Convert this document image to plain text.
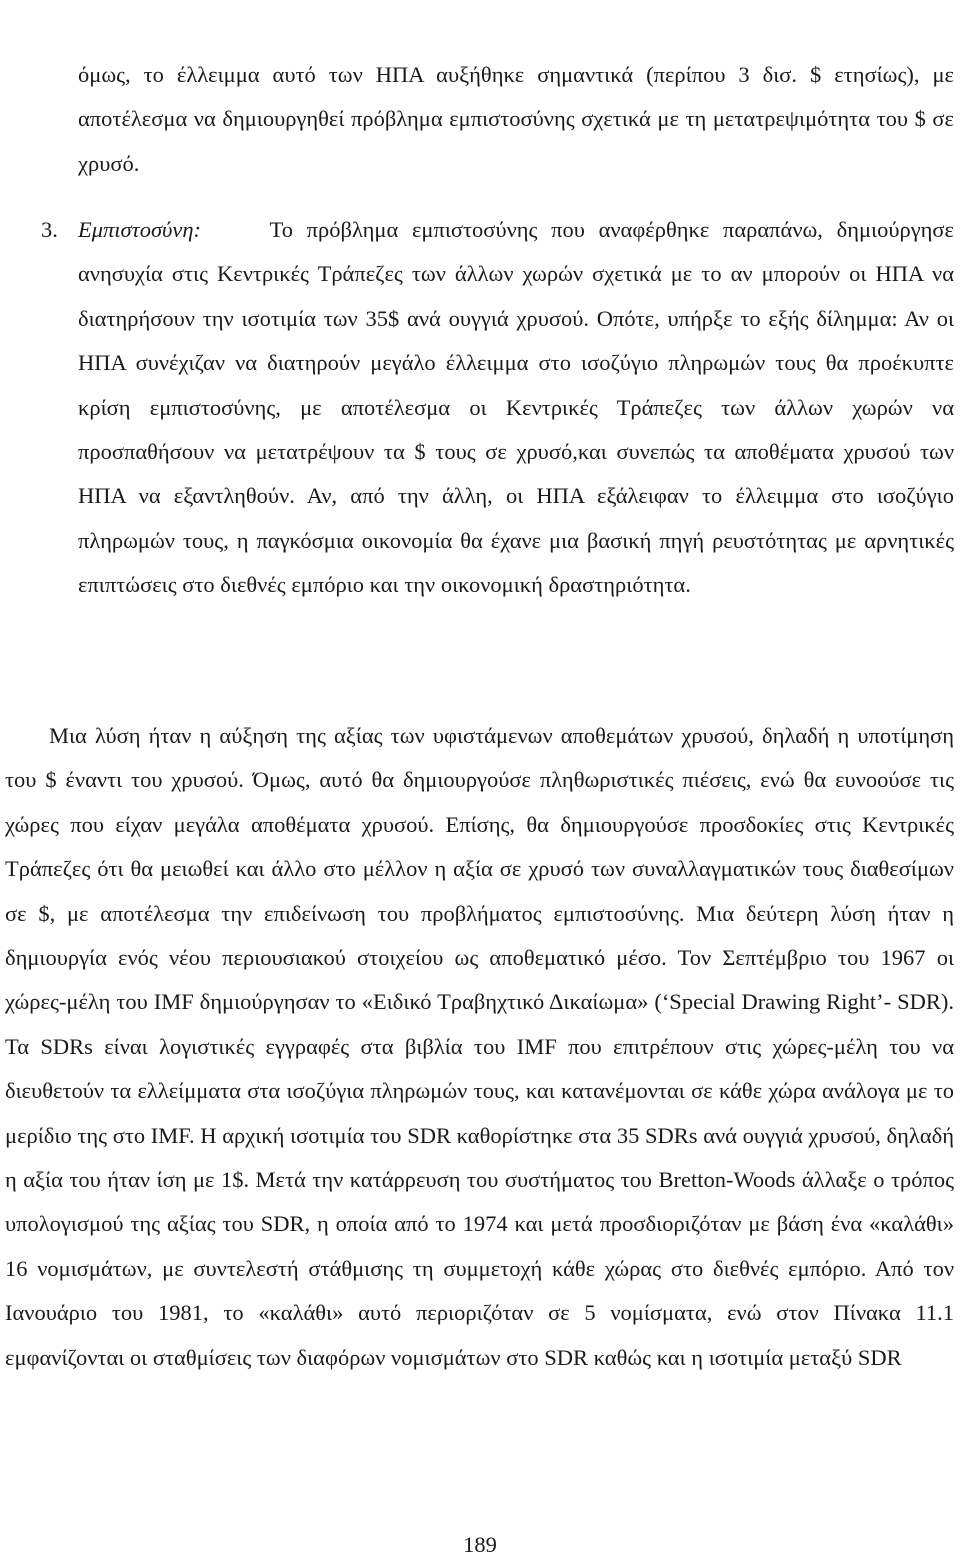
όμως, το έλλειμμα αυτό των ΗΠΑ αυξήθηκε σημαντικά (περίπου 3 δισ. $ ετησίως), με αποτέλεσμα να δημιουργηθεί πρόβλημα εμπιστοσύνης σχετικά με τη μετατρεψιμότητα του $ σε χρυσό.

3. Εμπιστοσύνη:	Το πρόβλημα εμπιστοσύνης που αναφέρθηκε παραπάνω, δημιούργησε ανησυχία στις Κεντρικές Τράπεζες των άλλων χωρών σχετικά με το αν μπορούν οι ΗΠΑ να διατηρήσουν την ισοτιμία των 35$ ανά ουγγιά χρυσού. Οπότε, υπήρξε το εξής δίλημμα: Αν οι ΗΠΑ συνέχιζαν να διατηρούν μεγάλο έλλειμμα στο ισοζύγιο πληρωμών τους θα προέκυπτε κρίση εμπιστοσύνης, με αποτέλεσμα οι Κεντρικές Τράπεζες των άλλων χωρών να προσπαθήσουν να μετατρέψουν τα $ τους σε χρυσό,και συνεπώς τα αποθέματα χρυσού των ΗΠΑ να εξαντληθούν. Αν, από την άλλη, οι ΗΠΑ εξάλειφαν το έλλειμμα στο ισοζύγιο πληρωμών τους, η παγκόσμια οικονομία θα έχανε μια βασική πηγή ρευστότητας με αρνητικές επιπτώσεις στο διεθνές εμπόριο και την οικονομική δραστηριότητα.

Μια λύση ήταν η αύξηση της αξίας των υφιστάμενων αποθεμάτων χρυσού, δηλαδή η υποτίμηση του $ έναντι του χρυσού. Όμως, αυτό θα δημιουργούσε πληθωριστικές πιέσεις, ενώ θα ευνοούσε τις χώρες που είχαν μεγάλα αποθέματα χρυσού. Επίσης, θα δημιουργούσε προσδοκίες στις Κεντρικές Τράπεζες ότι θα μειωθεί και άλλο στο μέλλον η αξία σε χρυσό των συναλλαγματικών τους διαθεσίμων σε $, με αποτέλεσμα την επιδείνωση του προβλήματος εμπιστοσύνης. Μια δεύτερη λύση ήταν η δημιουργία ενός νέου περιουσιακού στοιχείου ως αποθεματικό μέσο. Τον Σεπτέμβριο του 1967 οι χώρες-μέλη του IMF δημιούργησαν το «Ειδικό Τραβηχτικό Δικαίωμα» (‘Special Drawing Right’- SDR). Τα SDRs είναι λογιστικές εγγραφές στα βιβλία του IMF που επιτρέπουν στις χώρες-μέλη του να διευθετούν τα ελλείμματα στα ισοζύγια πληρωμών τους, και κατανέμονται σε κάθε χώρα ανάλογα με το μερίδιο της στο IMF. Η αρχική ισοτιμία του SDR καθορίστηκε στα 35 SDRs ανά ουγγιά χρυσού, δηλαδή η αξία του ήταν ίση με 1$. Μετά την κατάρρευση του συστήματος του Bretton-Woods άλλαξε ο τρόπος υπολογισμού της αξίας του SDR, η οποία από το 1974 και μετά προσδιοριζόταν με βάση ένα «καλάθι» 16 νομισμάτων, με συντελεστή στάθμισης τη συμμετοχή κάθε χώρας στο διεθνές εμπόριο. Από τον Ιανουάριο του 1981, το «καλάθι» αυτό περιοριζόταν σε 5 νομίσματα, ενώ στον Πίνακα 11.1 εμφανίζονται οι σταθμίσεις των διαφόρων νομισμάτων στο SDR καθώς και η ισοτιμία μεταξύ SDR

189
